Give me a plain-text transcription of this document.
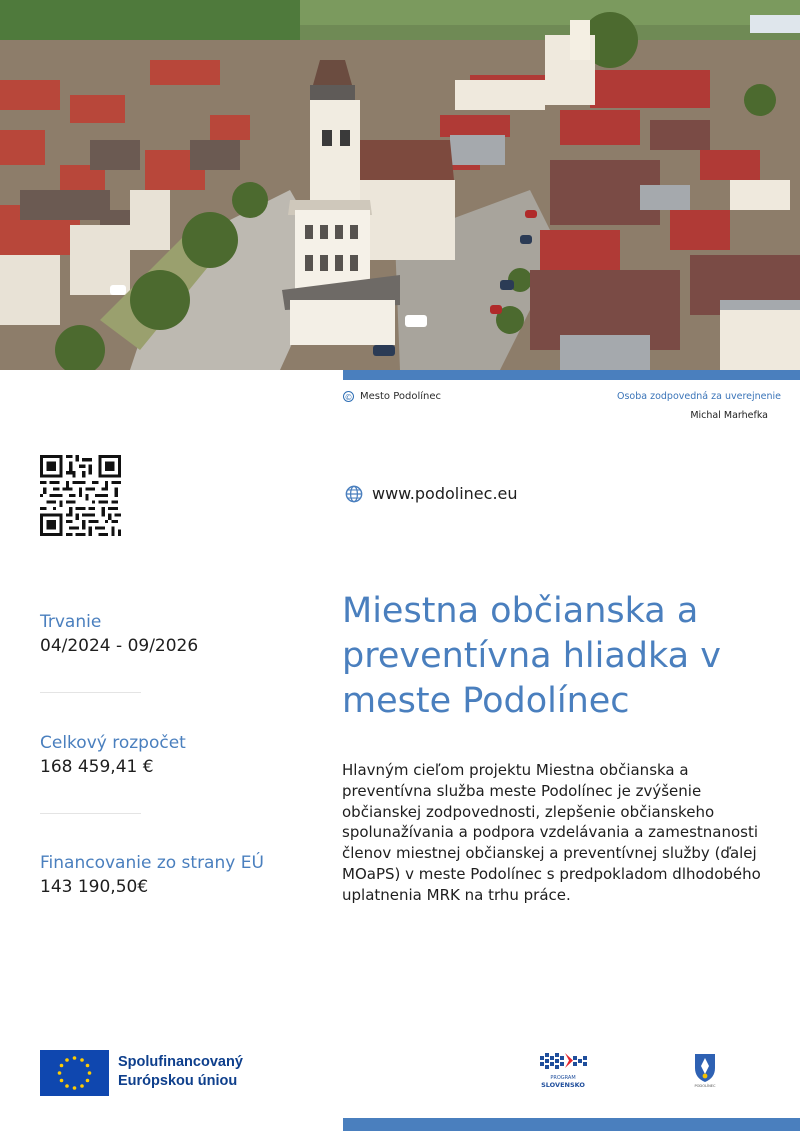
© Mesto Podolínec	Osoba zodpovedná za uverejnenie
Michal Marhefka
www.podolinec.eu
Trvanie
04/2024 - 09/2026
Celkový rozpočet
168 459,41 €
Financovanie zo strany EÚ
143 190,50€
Miestna občianska a preventívna hliadka v meste Podolínec

Hlavným cieľom projektu Miestna občianska a preventívna služba meste Podolínec je zvýšenie občianskej zodpovednosti, zlepšenie občianskeho spolunažívania a podpora vzdelávania a zamestnanosti členov miestnej občianskej a preventívnej služby (ďalej MOaPS) v meste Podolínec s predpokladom dlhodobého uplatnenia MRK na trhu práce.

Spolufinancovaný
Európskou úniou	PROGRAM
SLOVENSKO	PODOLÍNEC
